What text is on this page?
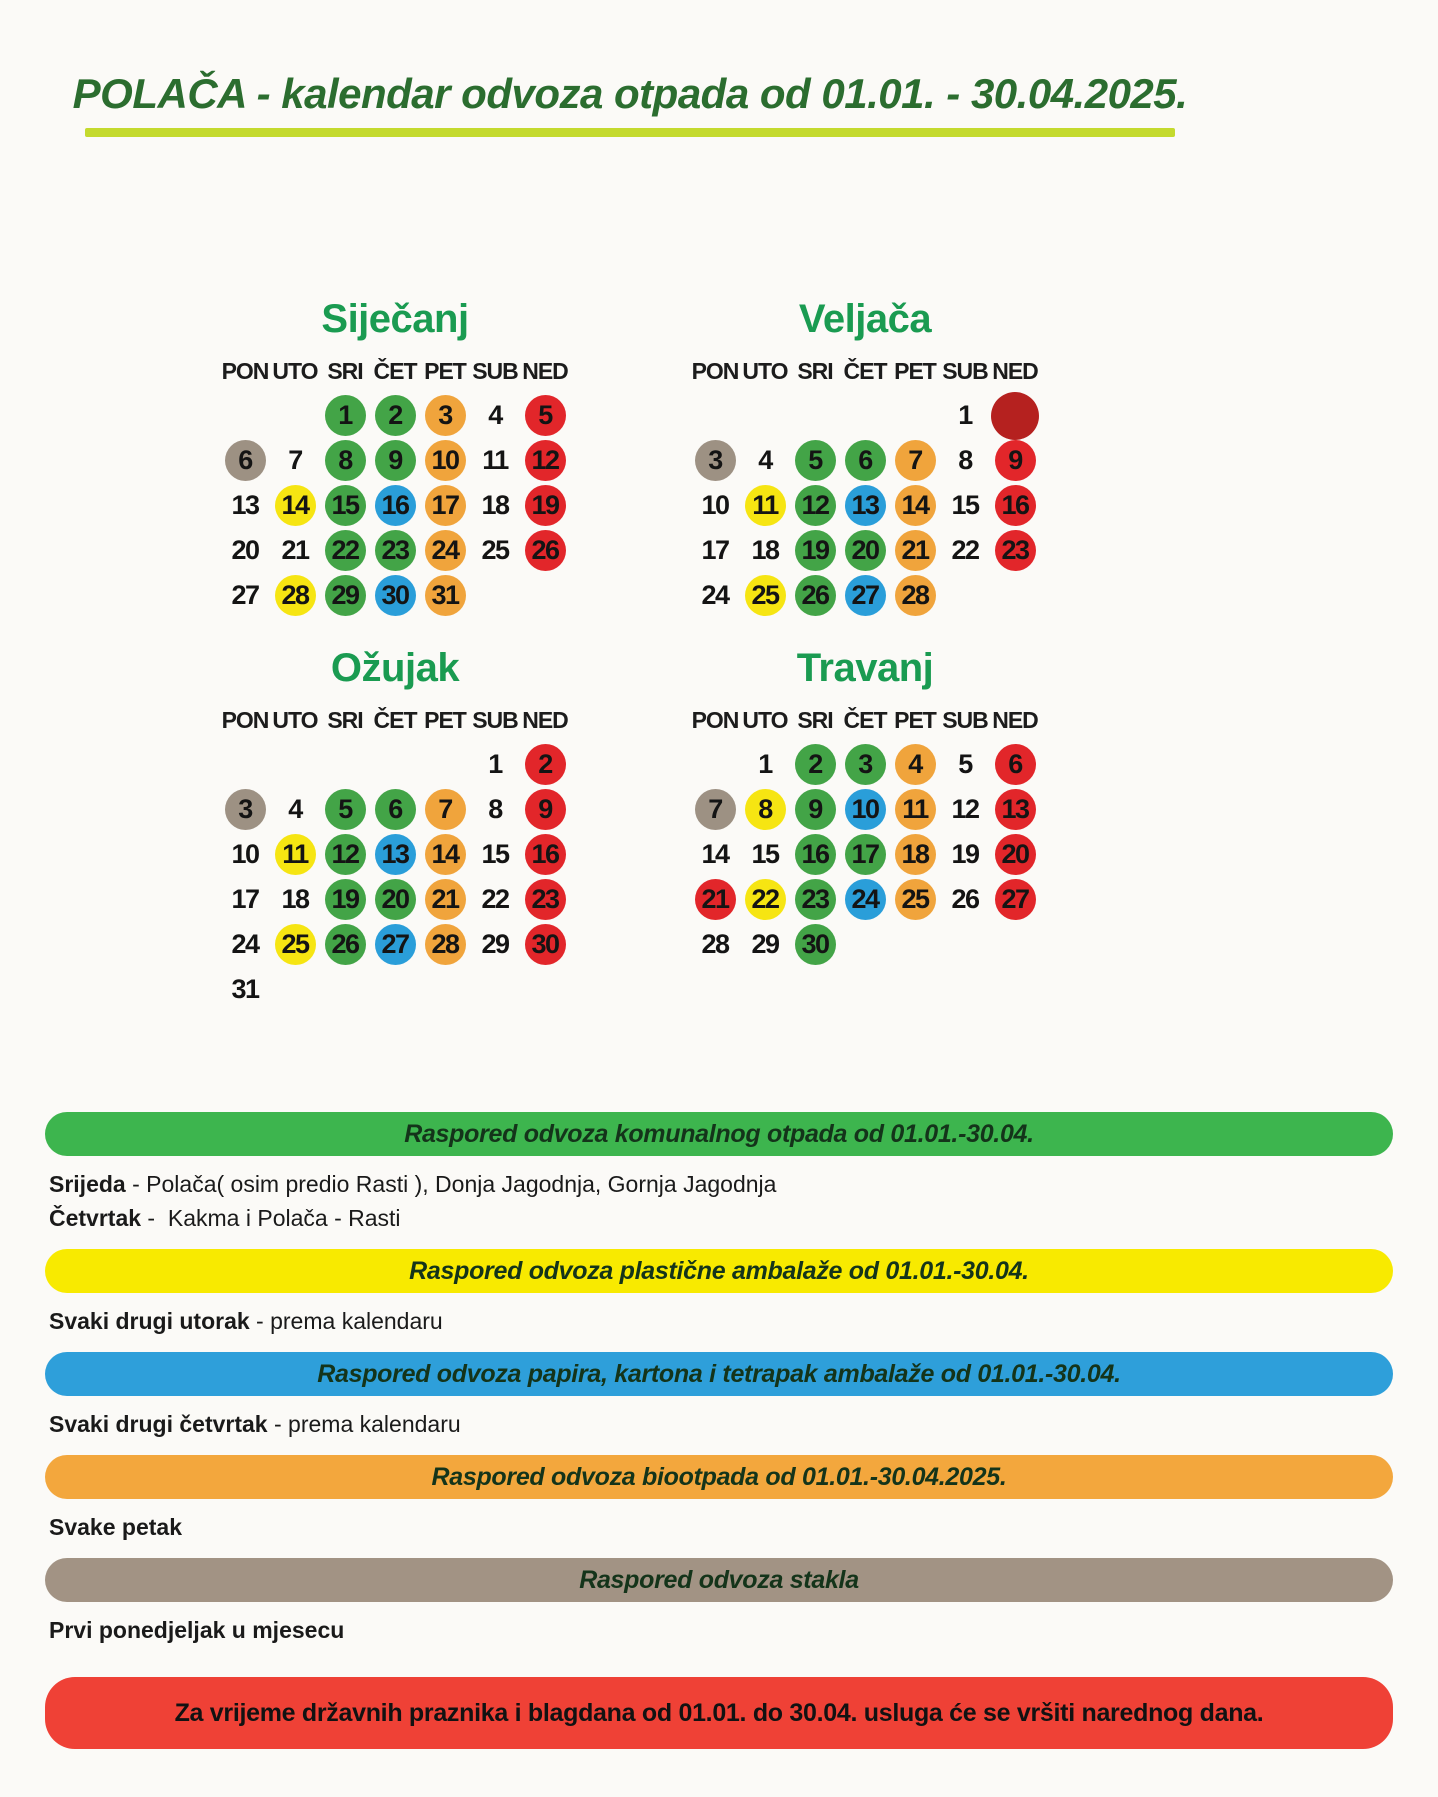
POLAČA - kalendar odvoza otpada od 01.01. - 30.04.2025.
Siječanj
PON UTO SRI ČET PET SUB NED
1 2 3 4 5
6 7 8 9 10 11 12
13 14 15 16 17 18 19
20 21 22 23 24 25 26
27 28 29 30 31
Veljača
PON UTO SRI ČET PET SUB NED
1
3 4 5 6 7 8 9
10 11 12 13 14 15 16
17 18 19 20 21 22 23
24 25 26 27 28
Ožujak
PON UTO SRI ČET PET SUB NED
1 2
3 4 5 6 7 8 9
10 11 12 13 14 15 16
17 18 19 20 21 22 23
24 25 26 27 28 29 30
31
Travanj
PON UTO SRI ČET PET SUB NED
1 2 3 4 5 6
7 8 9 10 11 12 13
14 15 16 17 18 19 20
21 22 23 24 25 26 27
28 29 30
Raspored odvoza komunalnog otpada od 01.01.-30.04.

Srijeda - Polača( osim predio Rasti ), Donja Jagodnja, Gornja Jagodnja

Četvrtak -  Kakma i Polača - Rasti

Raspored odvoza plastične ambalaže od 01.01.-30.04.

Svaki drugi utorak - prema kalendaru

Raspored odvoza papira, kartona i tetrapak ambalaže od 01.01.-30.04.

Svaki drugi četvrtak - prema kalendaru

Raspored odvoza biootpada od 01.01.-30.04.2025.

Svake petak

Raspored odvoza stakla

Prvi ponedjeljak u mjesecu

Za vrijeme državnih praznika i blagdana od 01.01. do 30.04. usluga će se vršiti narednog dana.
